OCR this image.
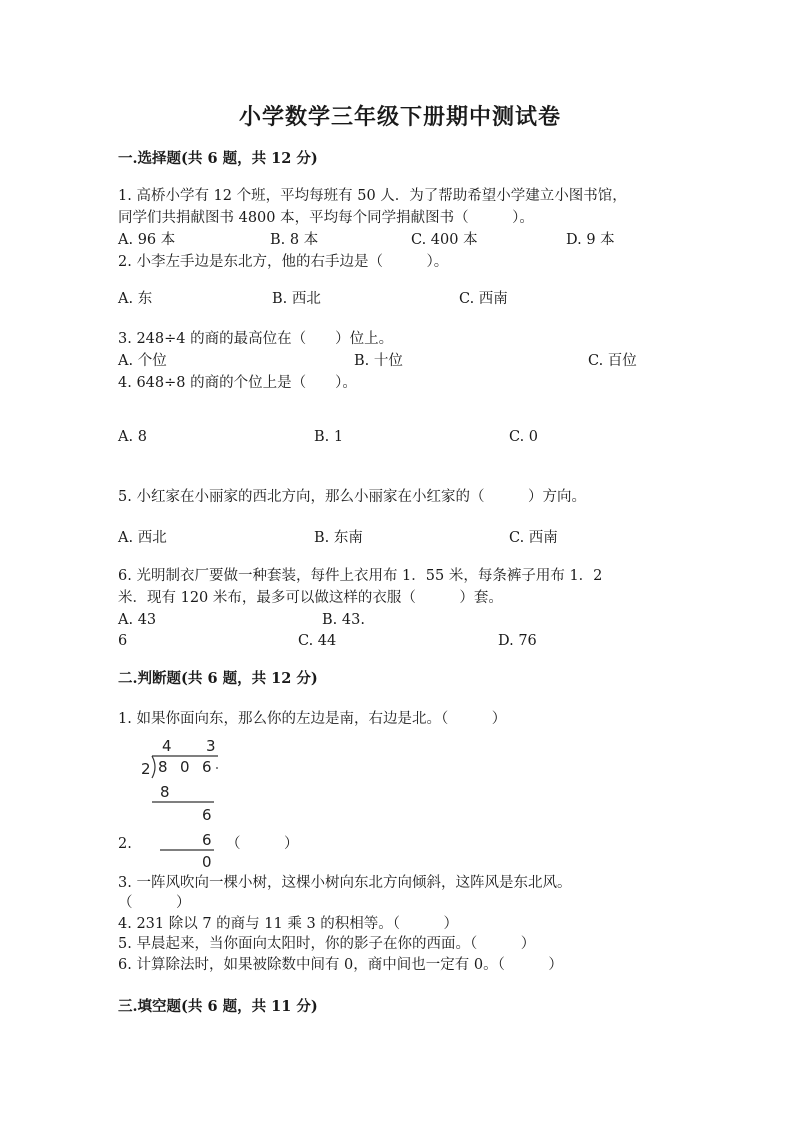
小学数学三年级下册期中测试卷
一.选择题(共 6 题，共 12 分)
1. 高桥小学有 12 个班，平均每班有 50 人．为了帮助希望小学建立小图书馆，
同学们共捐献图书 4800 本，平均每个同学捐献图书（　　　）。
A. 96 本	B. 8 本	C. 400 本	D. 9 本
2. 小李左手边是东北方，他的右手边是（　　　）。
A. 东	B. 西北	C. 西南
3. 248÷4 的商的最高位在（　　）位上。
A. 个位	B. 十位	C. 百位
4. 648÷8 的商的个位上是（　　）。
A. 8	B. 1	C. 0
5. 小红家在小丽家的西北方向，那么小丽家在小红家的（　　　）方向。
A. 西北	B. 东南	C. 西南
6. 光明制衣厂要做一种套装，每件上衣用布 1．55 米，每条裤子用布 1．2
米．现有 120 米布，最多可以做这样的衣服（　　　）套。
A. 43	B. 43.
6	C. 44	D. 76
二.判断题(共 6 题，共 12 分)
1. 如果你面向东，那么你的左边是南，右边是北。（　　　）
4 3
2 8 0 6
8
6
6
0
2.	（　　　）
3. 一阵风吹向一棵小树，这棵小树向东北方向倾斜，这阵风是东北风。
（　　　）
4. 231 除以 7 的商与 11 乘 3 的积相等。（　　　）
5. 早晨起来，当你面向太阳时，你的影子在你的西面。（　　　）
6. 计算除法时，如果被除数中间有 0，商中间也一定有 0。（　　　）
三.填空题(共 6 题，共 11 分)
